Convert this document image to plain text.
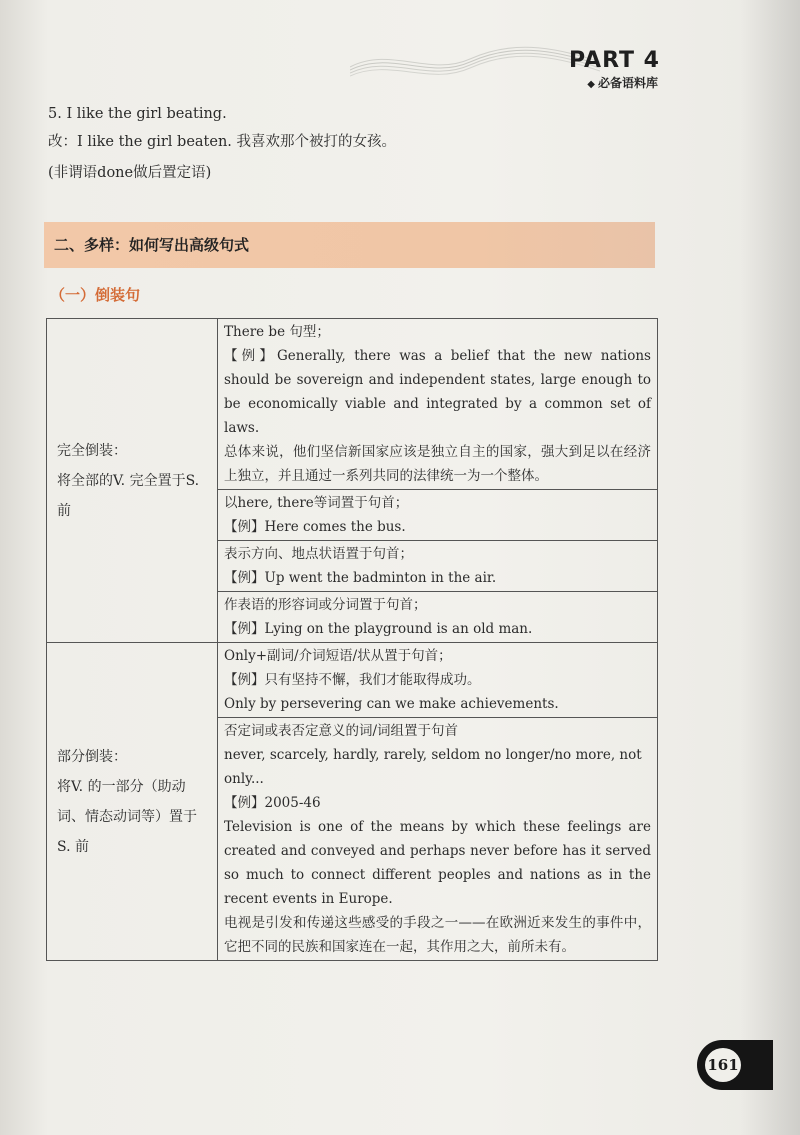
PART 4
◆ 必备语料库
5. I like the girl beating.
改：I like the girl beaten. 我喜欢那个被打的女孩。
(非谓语done做后置定语)
二、多样：如何写出高级句式
（一）倒装句
完全倒装：
将全部的V. 完全置于S. 前	There be 句型；
【例】Generally, there was a belief that the new nations should be sovereign and independent states, large enough to be economically viable and integrated by a common set of laws.
总体来说，他们坚信新国家应该是独立自主的国家，强大到足以在经济上独立，并且通过一系列共同的法律统一为一个整体。

	以here, there等词置于句首；
【例】Here comes the bus.

	表示方向、地点状语置于句首；
【例】Up went the badminton in the air.

	作表语的形容词或分词置于句首；
【例】Lying on the playground is an old man.

部分倒装：
将V. 的一部分（助动词、情态动词等）置于S. 前	Only+副词/介词短语/状从置于句首；
【例】只有坚持不懈，我们才能取得成功。
Only by persevering can we make achievements.

	否定词或表否定意义的词/词组置于句首
never, scarcely, hardly, rarely, seldom no longer/no more, not only...
【例】2005-46
Television is one of the means by which these feelings are created and conveyed and perhaps never before has it served so much to connect different peoples and nations as in the recent events in Europe.
电视是引发和传递这些感受的手段之一——在欧洲近来发生的事件中，它把不同的民族和国家连在一起，其作用之大，前所未有。
161
